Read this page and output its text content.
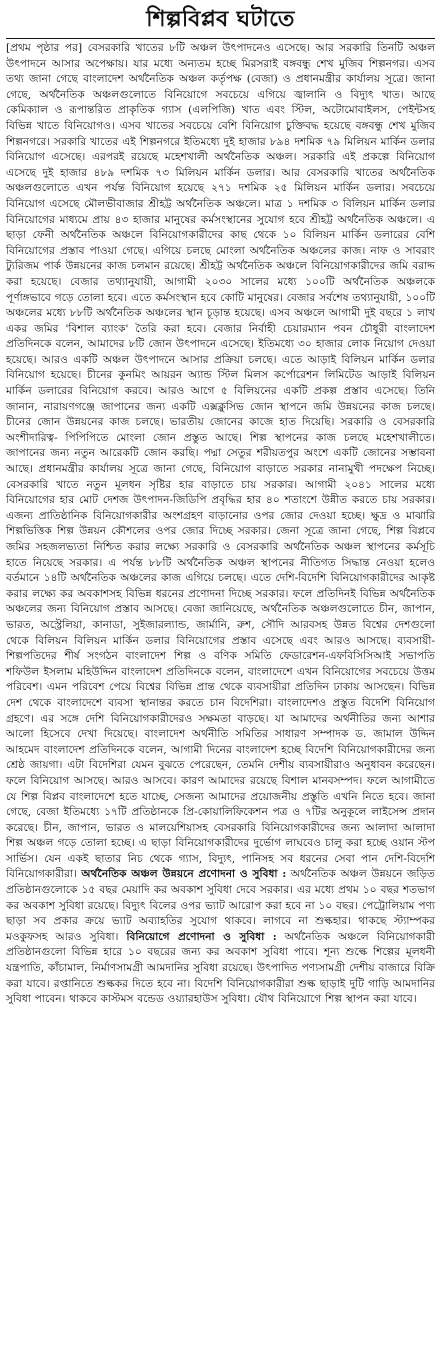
শিল্পবিপ্লব ঘটাতে

[প্রথম পৃষ্ঠার পর] বেসরকারি খাতের ৮টি অঞ্চল উৎপাদনেও এসেছে। আর সরকারি তিনটি অঞ্চল উৎপাদনে আসার অপেক্ষায়। যার মধ্যে অন্যতম হচ্ছে মিরসরাই বঙ্গবন্ধু শেখ মুজিব শিল্পনগর। এসব তথ্য জানা গেছে বাংলাদেশ অর্থনৈতিক অঞ্চল কর্তৃপক্ষ (বেজা) ও প্রধানমন্ত্রীর কার্যালয় সূত্রে। জানা গেছে, অর্থনৈতিক অঞ্চলগুলোতে বিনিয়োগে সবচেয়ে এগিয়ে জ্বালানি ও বিদ্যুৎ খাত। আছে কেমিক্যাল ও রূপান্তরিত প্রাকৃতিক গ্যাস (এলপিজি) খাত এবং স্টিল, অটোমোবাইলস, পেইন্টসহ বিভিন্ন খাতে বিনিয়োগও। এসব খাতের সবচেয়ে বেশি বিনিয়োগ চুক্তিবদ্ধ হয়েছে বঙ্গবন্ধু শেখ মুজিব শিল্পনগরে। সরকারি খাতের এই শিল্পনগরে ইতিমধ্যে দুই হাজার ৮৯৪ দশমিক ৭৯ মিলিয়ন মার্কিন ডলার বিনিয়োগ এসেছে। এরপরই রয়েছে মহেশখালী অর্থনৈতিক অঞ্চল। সরকারি এই প্রকল্পে বিনিয়োগ এসেছে দুই হাজার ৪৮৯ দশমিক ৭৩ মিলিয়ন মার্কিন ডলার। আর বেসরকারি খাতের অর্থনৈতিক অঞ্চলগুলোতে এখন পর্যন্ত বিনিয়োগ হয়েছে ২৭১ দশমিক ২৫ মিলিয়ন মার্কিন ডলার। সবচেয়ে বিনিয়োগ এসেছে মৌলভীবাজার শ্রীহট্ট অর্থনৈতিক অঞ্চলে। মাত্র ১ দশমিক ৩ বিলিয়ন মার্কিন ডলার বিনিয়োগের মাধ্যমে প্রায় ৪৩ হাজার মানুষের কর্মসংস্থানের সুযোগ হবে শ্রীহট্ট অর্থনৈতিক অঞ্চলে। এ ছাড়া ফেনী অর্থনৈতিক অঞ্চলে বিনিয়োগকারীদের কাছ থেকে ১০ বিলিয়ন মার্কিন ডলারের বেশি বিনিয়োগের প্রস্তাব পাওয়া গেছে। এগিয়ে চলছে মোংলা অর্থনৈতিক অঞ্চলের কাজ। নাফ ও সাবরাং ট্যুরিজম পার্ক উন্নয়নের কাজ চলমান রয়েছে। শ্রীহট্ট অর্থনৈতিক অঞ্চলে বিনিয়োগকারীদের জমি বরাদ্দ করা হয়েছে। বেজার তথ্যানুযায়ী, আগামী ২০৩০ সালের মধ্যে ১০০টি অর্থনৈতিক অঞ্চলকে পূর্ণাঙ্গভাবে গড়ে তোলা হবে। এতে কর্মসংস্থান হবে কোটি মানুষের। বেজার সর্বশেষ তথ্যানুযায়ী, ১০০টি অঞ্চলের মধ্যে ৮৮টি অর্থনৈতিক অঞ্চলের স্থান চূড়ান্ত হয়েছে। এসব অঞ্চলে আগামী দুই বছরে ১ লাখ একর জমির 'বিশাল ব্যাংক' তৈরি করা হবে। বেজার নির্বাহী চেয়ারম্যান পবন চৌধুরী বাংলাদেশ প্রতিদিনকে বলেন, আমাদের ৮টি জোন উৎপাদনে এসেছে। ইতিমধ্যে ৩০ হাজার লোক নিয়োগ দেওয়া হয়েছে। আরও একটি অঞ্চল উৎপাদনে আসার প্রক্রিয়া চলছে। এতে আড়াই বিলিয়ন মার্কিন ডলার বিনিয়োগ হয়েছে। চীনের কুনমিং আয়রন অ্যান্ড স্টিল মিলস কর্পোরেশন লিমিটেড আড়াই বিলিয়ন মার্কিন ডলারের বিনিয়োগ করবে। আরও আগে ৫ বিলিয়নের একটি প্রকল্প প্রস্তাব এসেছে। তিনি জানান, নারায়ণগঞ্জে জাপানের জন্য একটি এক্সক্লুসিভ জোন স্থাপনে জমি উন্নয়নের কাজ চলছে। চীনের জোন উন্নয়নের কাজ চলছে। ভারতীয় জোনের কাজে হাত দিয়েছি। সরকারি ও বেসরকারি অংশীদারিত্ব- পিপিপিতে মোংলা জোন প্রস্তুত আছে। শিল্প স্থাপনের কাজ চলছে মহেশখালীতে। জাপানের জন্য নতুন আরেকটি জোন করছি। পদ্মা সেতুর শরীয়তপুর অংশে একটি জোনের সম্ভাবনা আছে। প্রধানমন্ত্রীর কার্যালয় সূত্রে জানা গেছে, বিনিয়োগ বাড়াতে সরকার নানামুখী পদক্ষেপ নিচ্ছে। বেসরকারি খাতে নতুন মূলধন সৃষ্টির হার বাড়াতে চায় সরকার। আগামী ২০৪১ সালের মধ্যে বিনিয়োগের হার মোট দেশজ উৎপাদন-জিডিপি প্রবৃদ্ধির হার ৪০ শতাংশে উন্নীত করতে চায় সরকার। এজন্য প্রাতিষ্ঠানিক বিনিয়োগকারীর অংশগ্রহণ বাড়ানোর ওপর জোর দেওয়া হচ্ছে। ক্ষুদ্র ও মাঝারি শিল্পভিত্তিক শিল্প উন্নয়ন কৌশলের ওপর জোর দিচ্ছে সরকার। জেনা সূত্রে জানা গেছে, শিল্প বিপ্লবে জমির সহজলভ্যতা নিশ্চিত করার লক্ষ্যে সরকারি ও বেসরকারি অর্থনৈতিক অঞ্চল স্থাপনের কর্মসূচি হাতে নিয়েছে সরকার। এ পর্যন্ত ৮৮টি অর্থনৈতিক অঞ্চল স্থাপনের নীতিগত সিদ্ধান্ত নেওয়া হলেও বর্তমানে ১৪টি অর্থনৈতিক অঞ্চলের কাজ এগিয়ে চলছে। এতে দেশি-বিদেশি বিনিয়োগকারীদের আকৃষ্ট করার লক্ষ্যে কর অবকাশসহ বিভিন্ন ধরনের প্রণোদনা দিচ্ছে সরকার। ফলে প্রতিদিনই বিভিন্ন অর্থনৈতিক অঞ্চলের জন্য বিনিয়োগ প্রস্তাব আসছে। বেজা জানিয়েছে, অর্থনৈতিক অঞ্চলগুলোতে চীন, জাপান, ভারত, অস্ট্রেলিয়া, কানাডা, সুইজারল্যান্ড, জার্মানি, রুশ, সৌদি আরবসহ উন্নত বিশ্বের দেশগুলো থেকে বিলিয়ন বিলিয়ন মার্কিন ডলার বিনিয়োগের প্রস্তাব এসেছে এবং আরও আসছে। ব্যবসায়ী-শিল্পপতিদের শীর্ষ সংগঠন বাংলাদেশ শিল্প ও বণিক সমিতি ফেডারেশন-এফবিসিসিআই সভাপতি শফিউল ইসলাম মহিউদ্দিন বাংলাদেশ প্রতিদিনকে বলেন, বাংলাদেশে এখন বিনিয়োগের সবচেয়ে উত্তম পরিবেশ। এমন পরিবেশ পেয়ে বিশ্বের বিভিন্ন প্রান্ত থেকে ব্যবসায়ীরা প্রতিদিন ঢাকায় আসছেন। বিভিন্ন দেশ থেকে বাংলাদেশে ব্যবসা স্থানান্তর করতে চান বিদেশিরা। বাংলাদেশও প্রস্তুত বিদেশি বিনিয়োগ গ্রহণে। এর সঙ্গে দেশি বিনিয়োগকারীদেরও সক্ষমতা বাড়ছে। যা আমাদের অর্থনীতির জন্য আশার আলো হিসেবে দেখা দিয়েছে। বাংলাদেশ অর্থনীতি সমিতির সাধারণ সম্পাদক ড. জামাল উদ্দিন আহমেদ বাংলাদেশ প্রতিদিনকে বলেন, আগামী দিনের বাংলাদেশ হচ্ছে বিদেশি বিনিয়োগকারীদের জন্য শ্রেষ্ঠ জায়গা। এটা বিদেশিরা যেমন বুঝতে পেরেছেন, তেমনি দেশীয় ব্যবসায়ীরাও অনুধাবন করেছেন। ফলে বিনিয়োগ আসছে। আরও আসবে। কারণ আমাদের রয়েছে বিশাল মানবসম্পদ। ফলে আগামীতে যে শিল্প বিপ্লব বাংলাদেশে হতে যাচ্ছে, সেজন্য আমাদের প্রয়োজনীয় প্রস্তুতি এখনি নিতে হবে। জানা গেছে, বেজা ইতিমধ্যে ১৭টি প্রতিষ্ঠানকে প্রি-কোয়ালিফিকেশন পত্র ও ৭টির অনুকূলে লাইসেন্স প্রদান করেছে। চীন, জাপান, ভারত ও মালয়েশিয়াসহ বেসরকারি বিনিয়োগকারীদের জন্য আলাদা আলাদা শিল্প অঞ্চল গড়ে তোলা হচ্ছে। এ ছাড়া বিনিয়োগকারীদের দুর্ভোগ লাঘবেও চালু করা হচ্ছে ওয়ান স্টপ সার্ভিস। যেন একই ছাতার নিচ থেকে গ্যাস, বিদ্যুৎ, পানিসহ সব ধরনের সেবা পান দেশি-বিদেশি বিনিয়োগকারীরা। অর্থনৈতিক অঞ্চল উন্নয়নে প্রণোদনা ও সুবিধা : অর্থনৈতিক অঞ্চল উন্নয়নে জড়িত প্রতিষ্ঠানগুলোকে ১৫ বছর মেয়াদি কর অবকাশ সুবিধা দেবে সরকার। এর মধ্যে প্রথম ১০ বছর শতভাগ কর অবকাশ সুবিধা রয়েছে। বিদ্যুৎ বিলের ওপর ভ্যাট আরোপ করা হবে না ১০ বছর। পেট্রোলিয়াম পণ্য ছাড়া সব প্রকার ক্রয়ে ভ্যাট অব্যাহতির সুযোগ থাকবে। লাগবে না শুল্কহার। থাকছে স্ট্যাম্পকর মওকুফসহ আরও সুবিধা। বিনিয়োগে প্রণোদনা ও সুবিধা : অর্থনৈতিক অঞ্চলে বিনিয়োগকারী প্রতিষ্ঠানগুলো বিভিন্ন হারে ১০ বছরের জন্য কর অবকাশ সুবিধা পাবে। শূন্য শুল্কে শিল্পের মূলধনী যন্ত্রপাতি, কাঁচামাল, নির্মাণসামগ্রী আমদানির সুবিধা রয়েছে। উৎপাদিত পণ্যসামগ্রী দেশীয় বাজারে বিক্রি করা যাবে। রপ্তানিতে শুল্ককর দিতে হবে না। বিদেশি বিনিয়োগকারীরা শুল্ক ছাড়াই দুটি গাড়ি আমদানির সুবিধা পাবেন। থাকবে কাস্টমস বন্ডেড ওয়্যারহাউস সুবিধা। যৌথ বিনিয়োগে শিল্প স্থাপন করা যাবে।
